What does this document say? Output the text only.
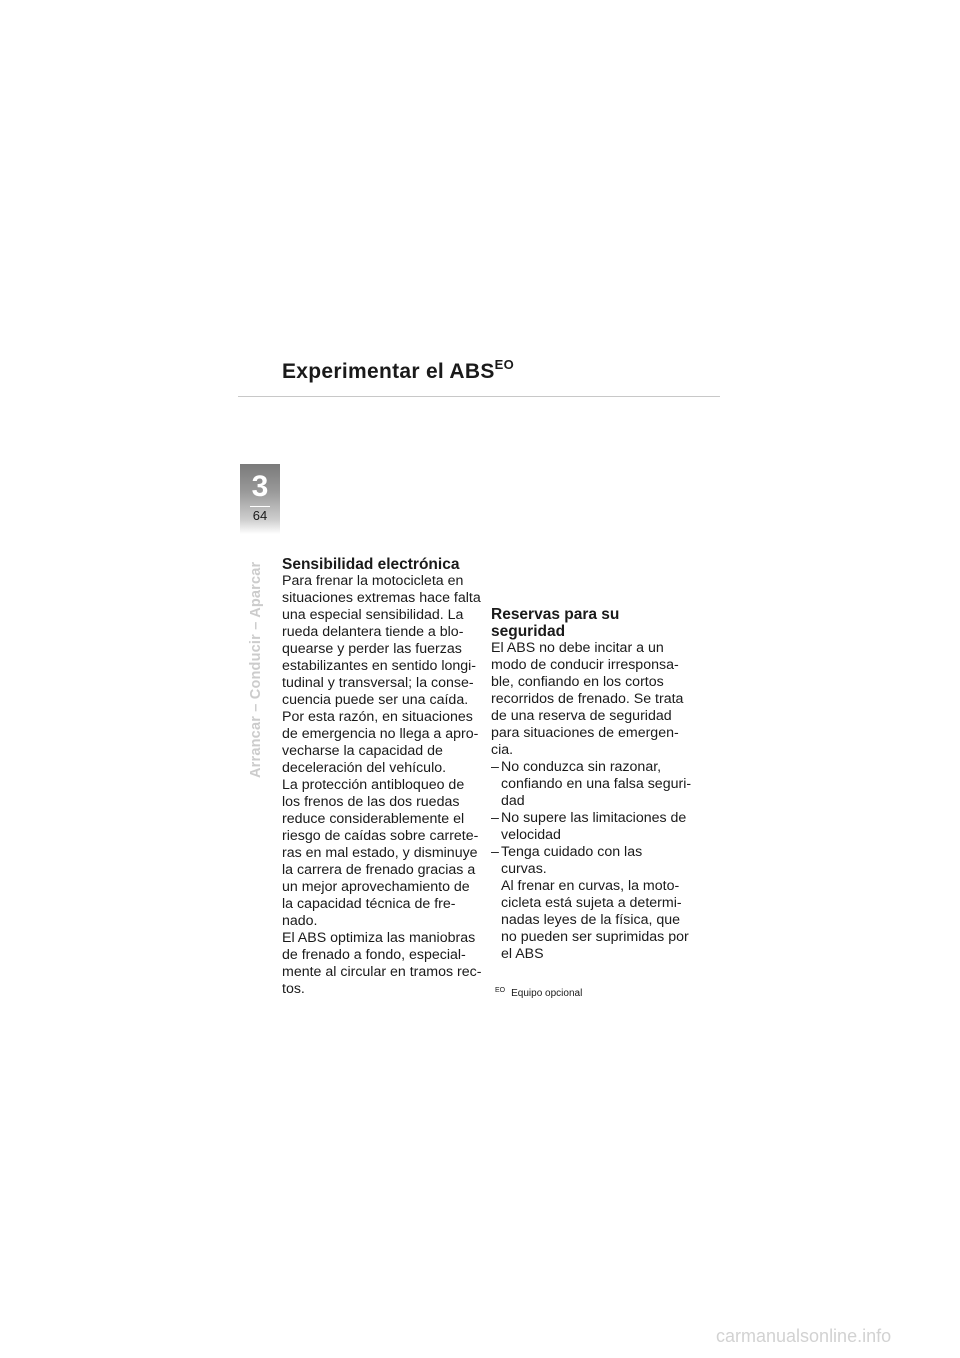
Experimentar el $ABS^{EO}$
3
64
Arrancar – Conducir – Aparcar Sensibilidad electrónica
Para frenar la motocicleta en
situaciones extremas hace falta
una especial sensibilidad. La
rueda delantera tiende a blo-
quearse y perder las fuerzas
estabilizantes en sentido longi-
tudinal y transversal; la conse-
cuencia puede ser una caída.
Por esta razón, en situaciones
de emergencia no llega a apro-
vecharse la capacidad de
deceleración del vehículo.
La protección antibloqueo de
los frenos de las dos ruedas
reduce considerablemente el
riesgo de caídas sobre carrete-
ras en mal estado, y disminuye
la carrera de frenado gracias a
un mejor aprovechamiento de
la capacidad técnica de fre-
nado.
El ABS optimiza las maniobras
de frenado a fondo, especial-
mente al circular en tramos rec-
tos.
Reservas para su
seguridad
El ABS no debe incitar a un
modo de conducir irresponsa-
ble, confiando en los cortos
recorridos de frenado. Se trata
de una reserva de seguridad
para situaciones de emergen-
cia.
– No conduzca sin razonar,
confiando en una falsa seguri-
dad
– No supere las limitaciones de
velocidad
– Tenga cuidado con las
curvas.
Al frenar en curvas, la moto-
cicleta está sujeta a determi-
nadas leyes de la física, que
no pueden ser suprimidas por
el ABS
$^{EO}$ Equipo opcional
carmanualsonline.info
